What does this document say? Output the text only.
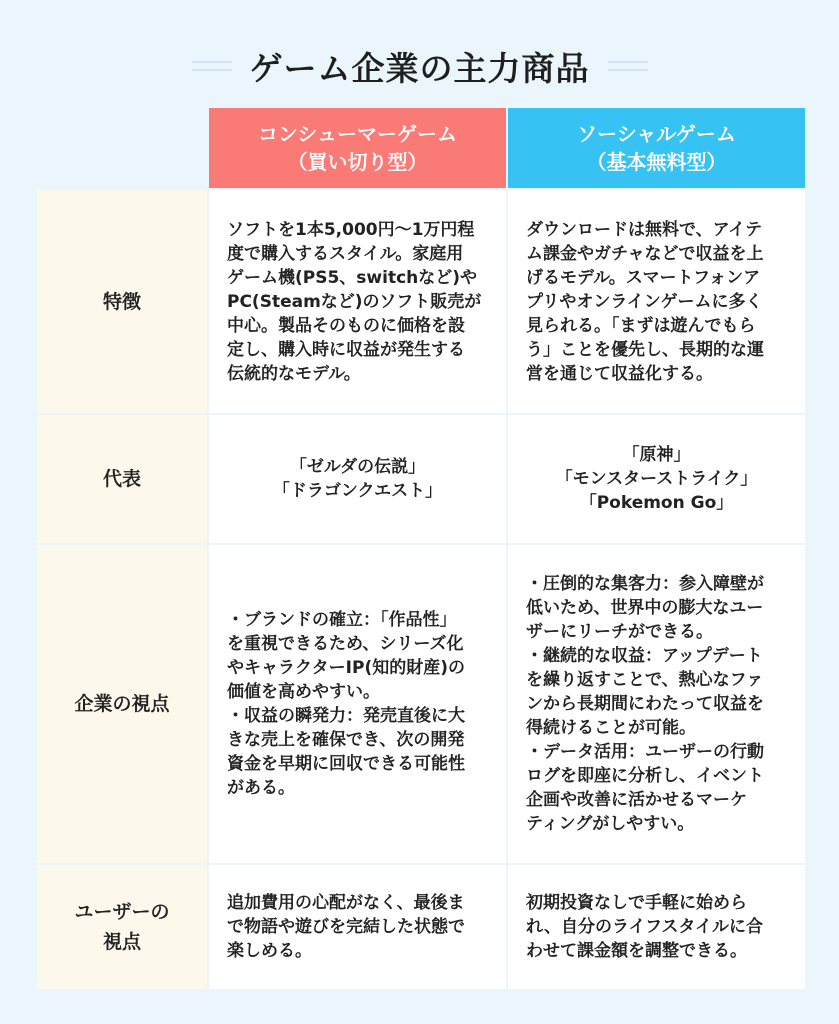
ゲーム企業の主力商品
コンシューマーゲーム
（買い切り型）
ソーシャルゲーム
（基本無料型）
特徴
ソフトを1本5,000円〜1万円程
度で購入するスタイル。家庭用
ゲーム機(PS5、switchなど)や
PC(Steamなど)のソフト販売が
中心。製品そのものに価格を設
定し、購入時に収益が発生する
伝統的なモデル。
ダウンロードは無料で、アイテ
ム課金やガチャなどで収益を上
げるモデル。スマートフォンア
プリやオンラインゲームに多く
見られる。「まずは遊んでもら
う」ことを優先し、長期的な運
営を通じて収益化する。
代表
「ゼルダの伝説」
「ドラゴンクエスト」
「原神」
「モンスターストライク」
「Pokemon Go」
企業の視点
・ブランドの確立：「作品性」
を重視できるため、シリーズ化
やキャラクターIP(知的財産)の
価値を高めやすい。
・収益の瞬発力：発売直後に大
きな売上を確保でき、次の開発
資金を早期に回収できる可能性
がある。
・圧倒的な集客力：参入障壁が
低いため、世界中の膨大なユー
ザーにリーチができる。
・継続的な収益：アップデート
を繰り返すことで、熱心なファ
ンから長期間にわたって収益を
得続けることが可能。
・データ活用：ユーザーの行動
ログを即座に分析し、イベント
企画や改善に活かせるマーケ
ティングがしやすい。
ユーザーの
視点
追加費用の心配がなく、最後ま
で物語や遊びを完結した状態で
楽しめる。
初期投資なしで手軽に始めら
れ、自分のライフスタイルに合
わせて課金額を調整できる。
